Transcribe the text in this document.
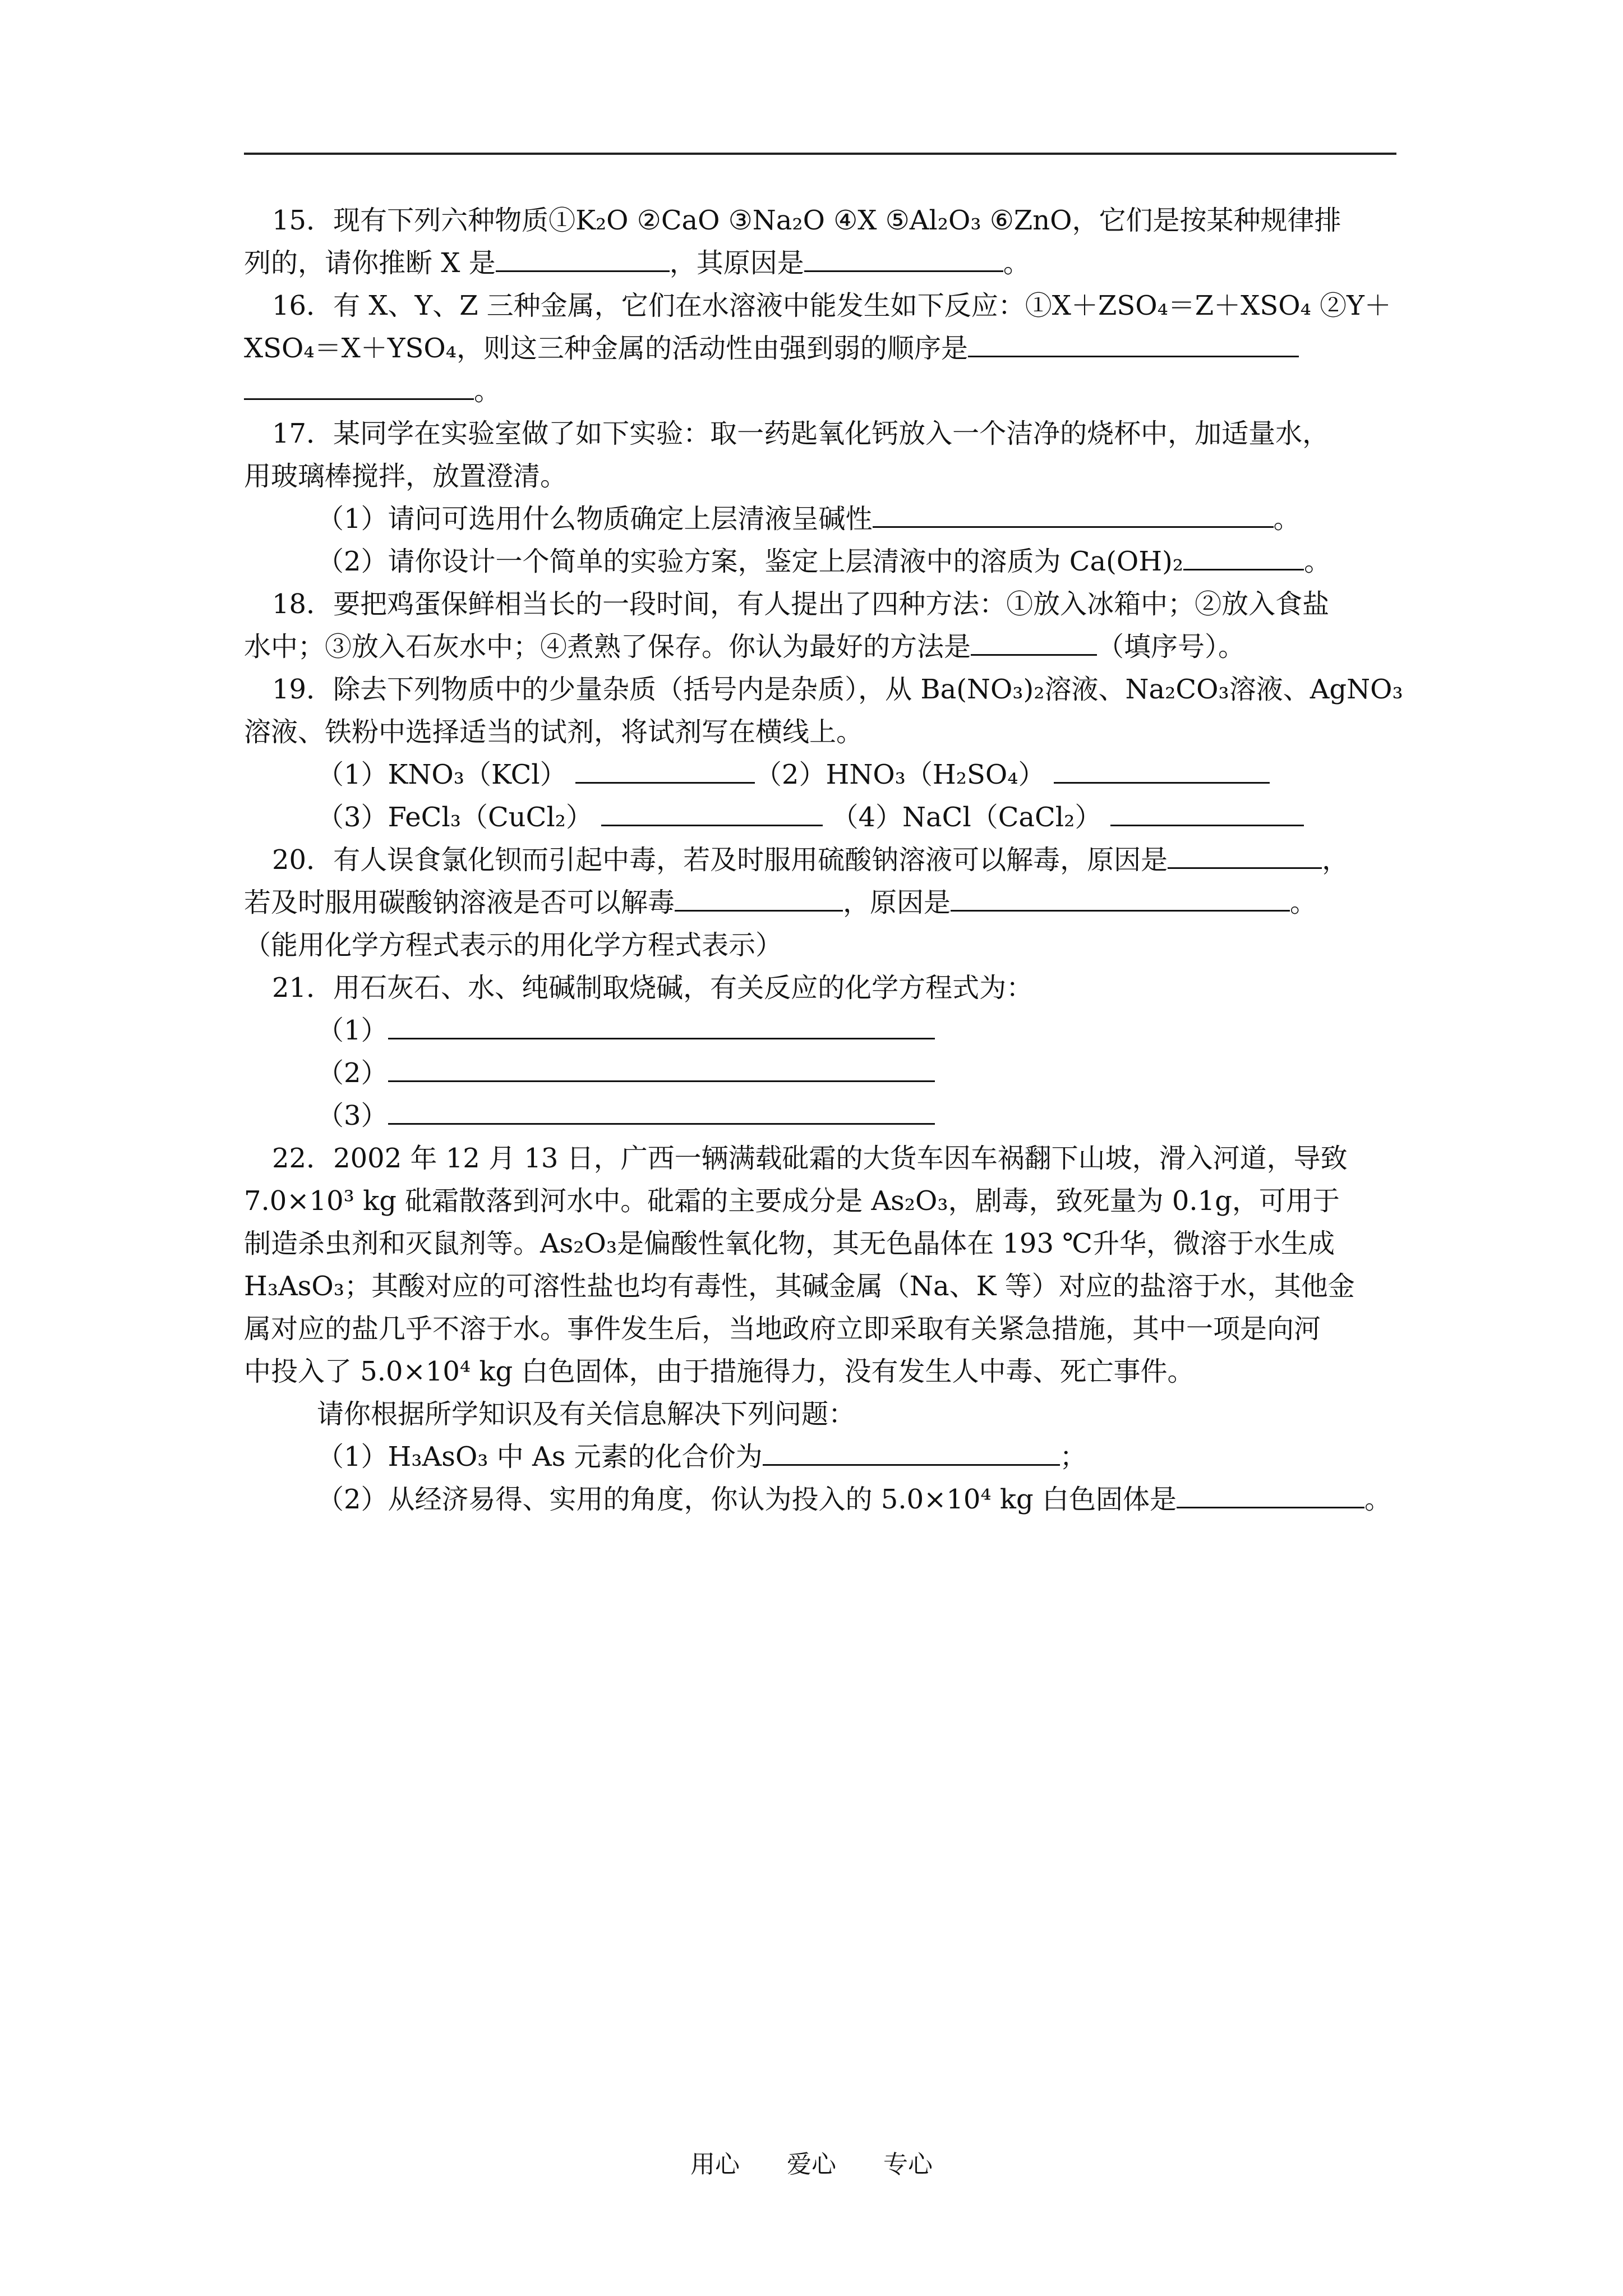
15．现有下列六种物质①K₂O ②CaO ③Na₂O ④X ⑤Al₂O₃ ⑥ZnO，它们是按某种规律排

列的，请你推断 X 是	，其原因是	。

16．有 X、Y、Z 三种金属，它们在水溶液中能发生如下反应：①X＋ZSO₄＝Z＋XSO₄ ②Y＋

XSO₄＝X＋YSO₄，则这三种金属的活动性由强到弱的顺序是

。

17．某同学在实验室做了如下实验：取一药匙氧化钙放入一个洁净的烧杯中，加适量水，

用玻璃棒搅拌，放置澄清。

（1）请问可选用什么物质确定上层清液呈碱性	。

（2）请你设计一个简单的实验方案，鉴定上层清液中的溶质为 Ca(OH)₂	。

18．要把鸡蛋保鲜相当长的一段时间，有人提出了四种方法：①放入冰箱中；②放入食盐

水中；③放入石灰水中；④煮熟了保存。你认为最好的方法是	（填序号）。

19．除去下列物质中的少量杂质（括号内是杂质），从 Ba(NO₃)₂溶液、Na₂CO₃溶液、AgNO₃

溶液、铁粉中选择适当的试剂，将试剂写在横线上。

（1）KNO₃（KCl）	（2）HNO₃（H₂SO₄）

（3）FeCl₃（CuCl₂）	（4）NaCl（CaCl₂）

20．有人误食氯化钡而引起中毒，若及时服用硫酸钠溶液可以解毒，原因是	，

若及时服用碳酸钠溶液是否可以解毒	，原因是	。

（能用化学方程式表示的用化学方程式表示）

21．用石灰石、水、纯碱制取烧碱，有关反应的化学方程式为：

（1）

（2）

（3）

22．2002 年 12 月 13 日，广西一辆满载砒霜的大货车因车祸翻下山坡，滑入河道，导致

7.0×10³ kg 砒霜散落到河水中。砒霜的主要成分是 As₂O₃，剧毒，致死量为 0.1g，可用于

制造杀虫剂和灭鼠剂等。As₂O₃是偏酸性氧化物，其无色晶体在 193 ℃升华，微溶于水生成

H₃AsO₃；其酸对应的可溶性盐也均有毒性，其碱金属（Na、K 等）对应的盐溶于水，其他金

属对应的盐几乎不溶于水。事件发生后，当地政府立即采取有关紧急措施，其中一项是向河

中投入了 5.0×10⁴ kg 白色固体，由于措施得力，没有发生人中毒、死亡事件。

请你根据所学知识及有关信息解决下列问题：

（1）H₃AsO₃ 中 As 元素的化合价为	；

（2）从经济易得、实用的角度，你认为投入的 5.0×10⁴ kg 白色固体是	。

用心 爱心 专心
